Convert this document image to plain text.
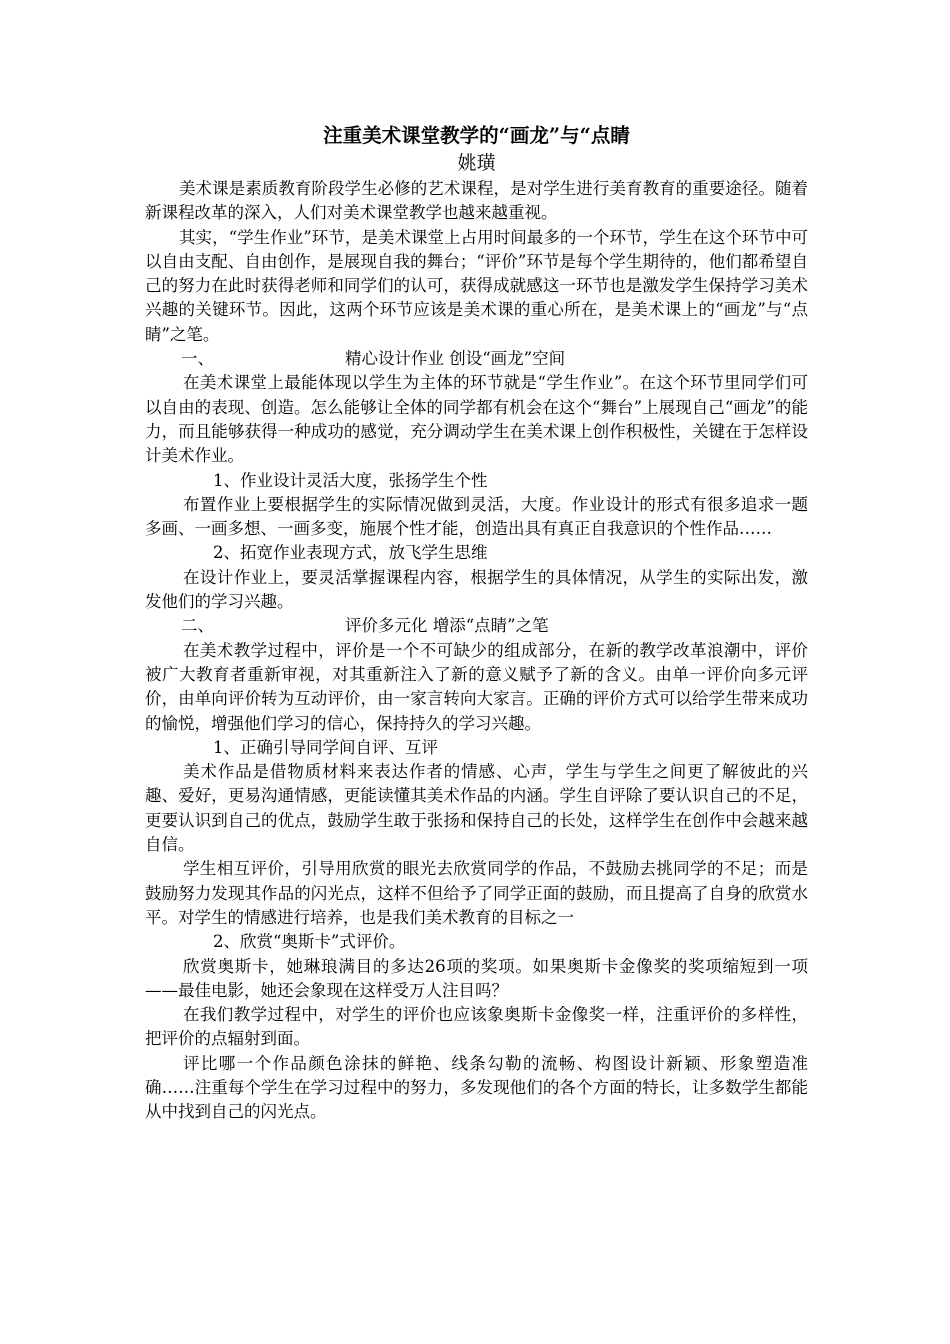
注重美术课堂教学的“画龙”与“点睛
姚璜

美术课是素质教育阶段学生必修的艺术课程，是对学生进行美育教育的重要途径。随着新课程改革的深入，人们对美术课堂教学也越来越重视。

其实，“学生作业”环节，是美术课堂上占用时间最多的一个环节，学生在这个环节中可以自由支配、自由创作，是展现自我的舞台；“评价”环节是每个学生期待的，他们都希望自己的努力在此时获得老师和同学们的认可，获得成就感这一环节也是激发学生保持学习美术兴趣的关键环节。因此，这两个环节应该是美术课的重心所在，是美术课上的“画龙”与“点睛”之笔。

一、	精心设计作业 创设“画龙”空间

在美术课堂上最能体现以学生为主体的环节就是“学生作业”。在这个环节里同学们可以自由的表现、创造。怎么能够让全体的同学都有机会在这个“舞台”上展现自己“画龙”的能力，而且能够获得一种成功的感觉，充分调动学生在美术课上创作积极性，关键在于怎样设计美术作业。

1、作业设计灵活大度，张扬学生个性

布置作业上要根据学生的实际情况做到灵活，大度。作业设计的形式有很多追求一题多画、一画多想、一画多变，施展个性才能，创造出具有真正自我意识的个性作品……

2、拓宽作业表现方式，放飞学生思维

在设计作业上，要灵活掌握课程内容，根据学生的具体情况，从学生的实际出发，激发他们的学习兴趣。

二、	评价多元化 增添“点睛”之笔

在美术教学过程中，评价是一个不可缺少的组成部分，在新的教学改革浪潮中，评价被广大教育者重新审视，对其重新注入了新的意义赋予了新的含义。由单一评价向多元评价，由单向评价转为互动评价，由一家言转向大家言。正确的评价方式可以给学生带来成功的愉悦，增强他们学习的信心，保持持久的学习兴趣。

1、正确引导同学间自评、互评

美术作品是借物质材料来表达作者的情感、心声，学生与学生之间更了解彼此的兴趣、爱好，更易沟通情感，更能读懂其美术作品的内涵。学生自评除了要认识自己的不足，更要认识到自己的优点，鼓励学生敢于张扬和保持自己的长处，这样学生在创作中会越来越自信。

学生相互评价，引导用欣赏的眼光去欣赏同学的作品，不鼓励去挑同学的不足；而是鼓励努力发现其作品的闪光点，这样不但给予了同学正面的鼓励，而且提高了自身的欣赏水平。对学生的情感进行培养，也是我们美术教育的目标之一

2、欣赏“奥斯卡”式评价。

欣赏奥斯卡，她琳琅满目的多达26项的奖项。如果奥斯卡金像奖的奖项缩短到一项——最佳电影，她还会象现在这样受万人注目吗？

在我们教学过程中，对学生的评价也应该象奥斯卡金像奖一样，注重评价的多样性，把评价的点辐射到面。

评比哪一个作品颜色涂抹的鲜艳、线条勾勒的流畅、构图设计新颖、形象塑造准确……注重每个学生在学习过程中的努力，多发现他们的各个方面的特长，让多数学生都能从中找到自己的闪光点。
